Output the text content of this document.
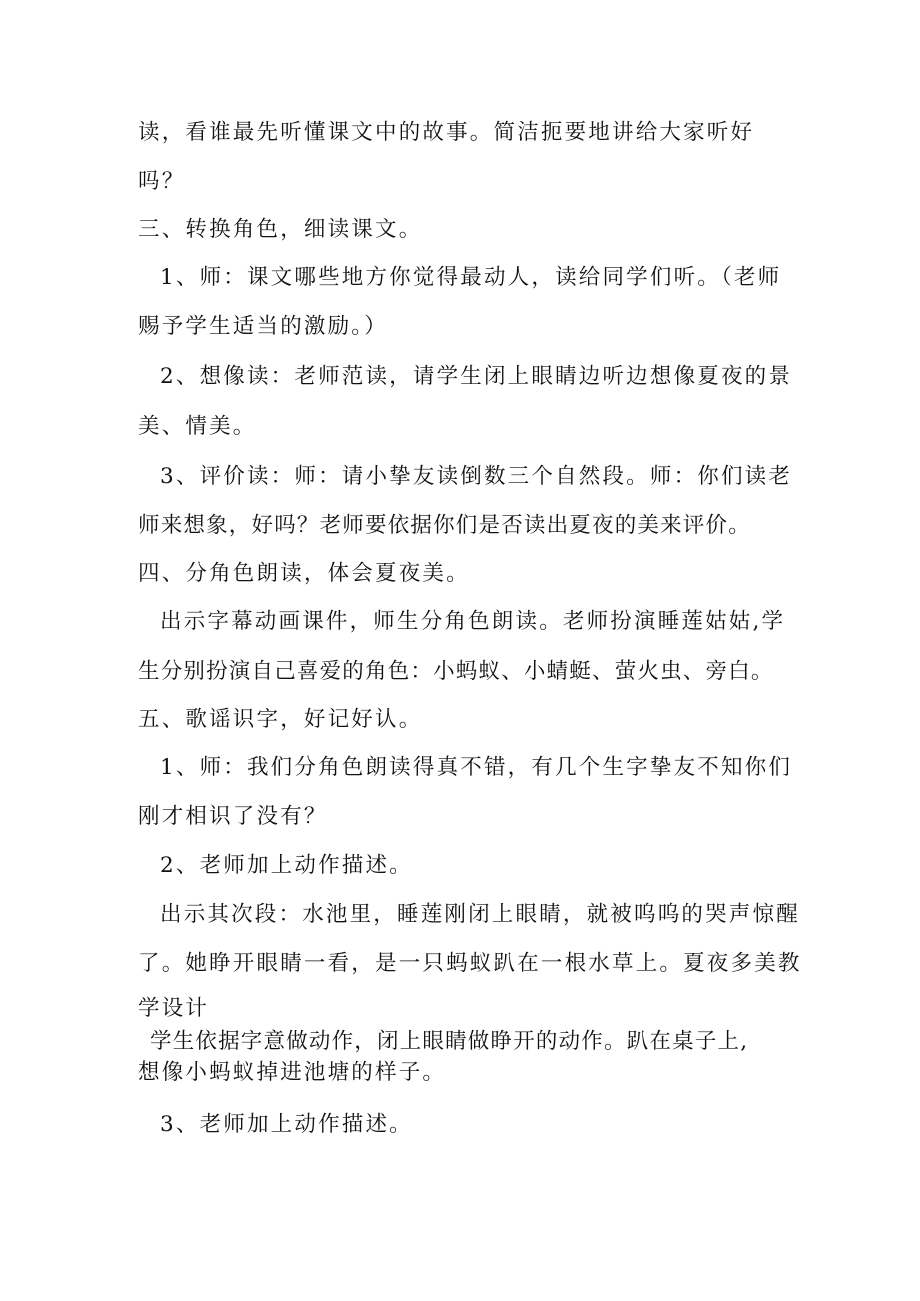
读，看谁最先听懂课文中的故事。简洁扼要地讲给大家听好
吗？
三、转换角色，细读课文。
1、师：课文哪些地方你觉得最动人，读给同学们听。（老师
赐予学生适当的激励。）
2、想像读：老师范读，请学生闭上眼睛边听边想像夏夜的景
美、情美。
3、评价读：师：请小挚友读倒数三个自然段。师：你们读老
师来想象，好吗？老师要依据你们是否读出夏夜的美来评价。
四、分角色朗读，体会夏夜美。
出示字幕动画课件，师生分角色朗读。老师扮演睡莲姑姑,学
生分别扮演自己喜爱的角色：小蚂蚁、小蜻蜓、萤火虫、旁白。
五、歌谣识字，好记好认。
1、师：我们分角色朗读得真不错，有几个生字挚友不知你们
刚才相识了没有？
2、老师加上动作描述。
出示其次段：水池里，睡莲刚闭上眼睛，就被呜呜的哭声惊醒
了。她睁开眼睛一看，是一只蚂蚁趴在一根水草上。夏夜多美教
学设计
学生依据字意做动作，闭上眼睛做睁开的动作。趴在桌子上,
想像小蚂蚁掉进池塘的样子。
3、老师加上动作描述。
